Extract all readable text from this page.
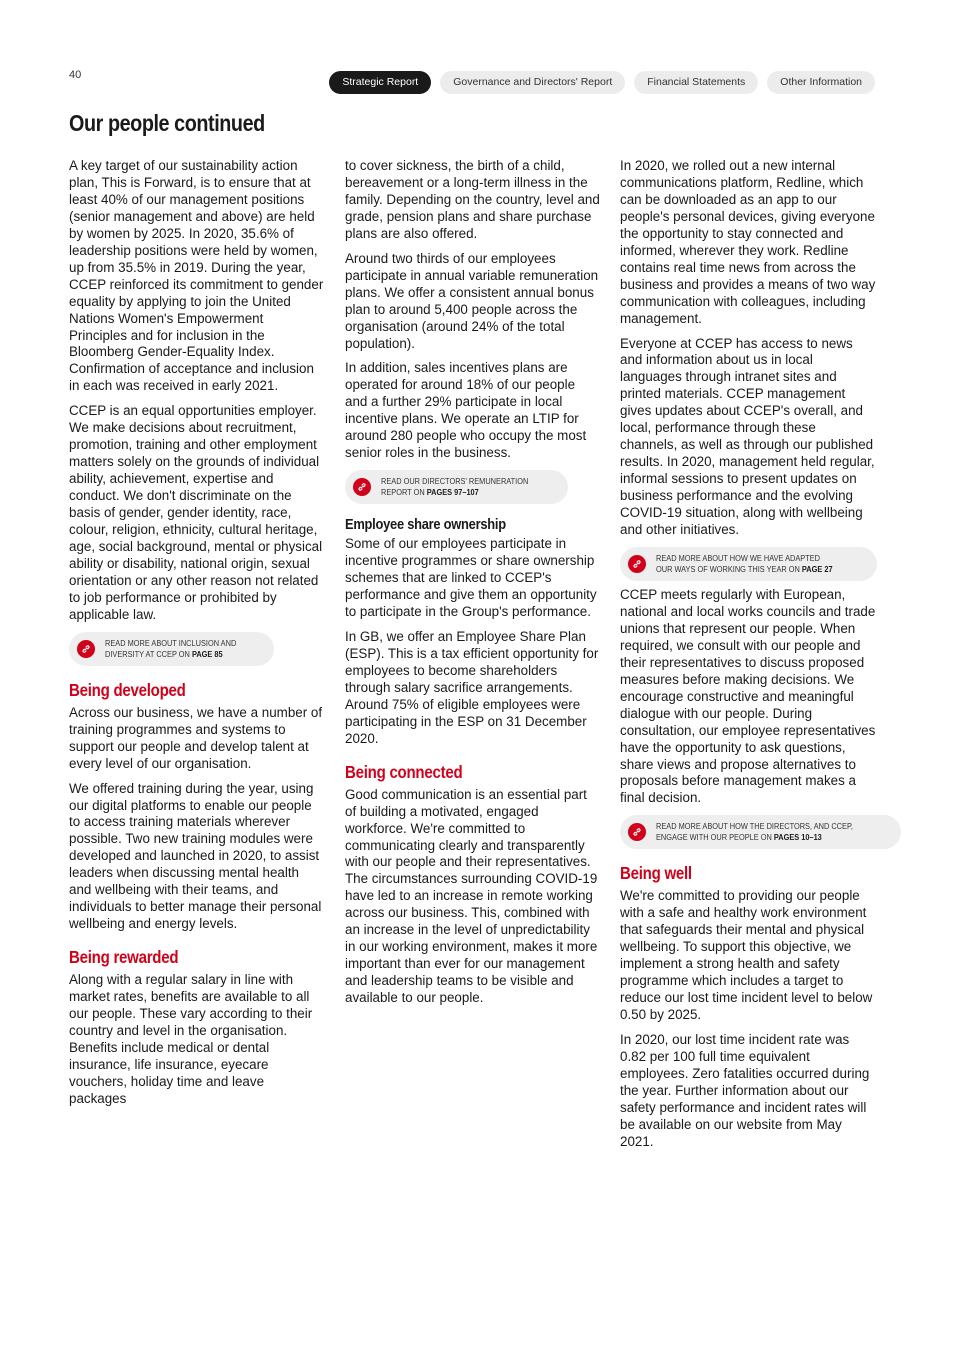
40
Strategic Report	Governance and Directors' Report	Financial Statements	Other Information
Our people continued

A key target of our sustainability action plan, This is Forward, is to ensure that at least 40% of our management positions (senior management and above) are held by women by 2025. In 2020, 35.6% of leadership positions were held by women, up from 35.5% in 2019. During the year, CCEP reinforced its commitment to gender equality by applying to join the United Nations Women's Empowerment Principles and for inclusion in the Bloomberg Gender-Equality Index. Confirmation of acceptance and inclusion in each was received in early 2021.

CCEP is an equal opportunities employer. We make decisions about recruitment, promotion, training and other employment matters solely on the grounds of individual ability, achievement, expertise and conduct. We don't discriminate on the basis of gender, gender identity, race, colour, religion, ethnicity, cultural heritage, age, social background, mental or physical ability or disability, national origin, sexual orientation or any other reason not related to job performance or prohibited by applicable law.

READ MORE ABOUT INCLUSION AND
DIVERSITY AT CCEP ON PAGE 85
Being developed

Across our business, we have a number of training programmes and systems to support our people and develop talent at every level of our organisation.

We offered training during the year, using our digital platforms to enable our people to access training materials wherever possible. Two new training modules were developed and launched in 2020, to assist leaders when discussing mental health and wellbeing with their teams, and individuals to better manage their personal wellbeing and energy levels.

Being rewarded

Along with a regular salary in line with market rates, benefits are available to all our people. These vary according to their country and level in the organisation. Benefits include medical or dental insurance, life insurance, eyecare vouchers, holiday time and leave packages

to cover sickness, the birth of a child, bereavement or a long-term illness in the family. Depending on the country, level and grade, pension plans and share purchase plans are also offered.

Around two thirds of our employees participate in annual variable remuneration plans. We offer a consistent annual bonus plan to around 5,400 people across the organisation (around 24% of the total population).

In addition, sales incentives plans are operated for around 18% of our people and a further 29% participate in local incentive plans. We operate an LTIP for around 280 people who occupy the most senior roles in the business.

READ OUR DIRECTORS' REMUNERATION
REPORT ON PAGES 97–107
Employee share ownership

Some of our employees participate in incentive programmes or share ownership schemes that are linked to CCEP's performance and give them an opportunity to participate in the Group's performance.

In GB, we offer an Employee Share Plan (ESP). This is a tax efficient opportunity for employees to become shareholders through salary sacrifice arrangements. Around 75% of eligible employees were participating in the ESP on 31 December 2020.

Being connected

Good communication is an essential part of building a motivated, engaged workforce. We're committed to communicating clearly and transparently with our people and their representatives. The circumstances surrounding COVID-19 have led to an increase in remote working across our business. This, combined with an increase in the level of unpredictability in our working environment, makes it more important than ever for our management and leadership teams to be visible and available to our people.

In 2020, we rolled out a new internal communications platform, Redline, which can be downloaded as an app to our people's personal devices, giving everyone the opportunity to stay connected and informed, wherever they work. Redline contains real time news from across the business and provides a means of two way communication with colleagues, including management.

Everyone at CCEP has access to news and information about us in local languages through intranet sites and printed materials. CCEP management gives updates about CCEP's overall, and local, performance through these channels, as well as through our published results. In 2020, management held regular, informal sessions to present updates on business performance and the evolving COVID-19 situation, along with wellbeing and other initiatives.

READ MORE ABOUT HOW WE HAVE ADAPTED
OUR WAYS OF WORKING THIS YEAR ON PAGE 27

CCEP meets regularly with European, national and local works councils and trade unions that represent our people. When required, we consult with our people and their representatives to discuss proposed measures before making decisions. We encourage constructive and meaningful dialogue with our people. During consultation, our employee representatives have the opportunity to ask questions, share views and propose alternatives to proposals before management makes a final decision.

READ MORE ABOUT HOW THE DIRECTORS, AND CCEP,
ENGAGE WITH OUR PEOPLE ON PAGES 10–13
Being well

We're committed to providing our people with a safe and healthy work environment that safeguards their mental and physical wellbeing. To support this objective, we implement a strong health and safety programme which includes a target to reduce our lost time incident level to below 0.50 by 2025.

In 2020, our lost time incident rate was 0.82 per 100 full time equivalent employees. Zero fatalities occurred during the year. Further information about our safety performance and incident rates will be available on our website from May 2021.
